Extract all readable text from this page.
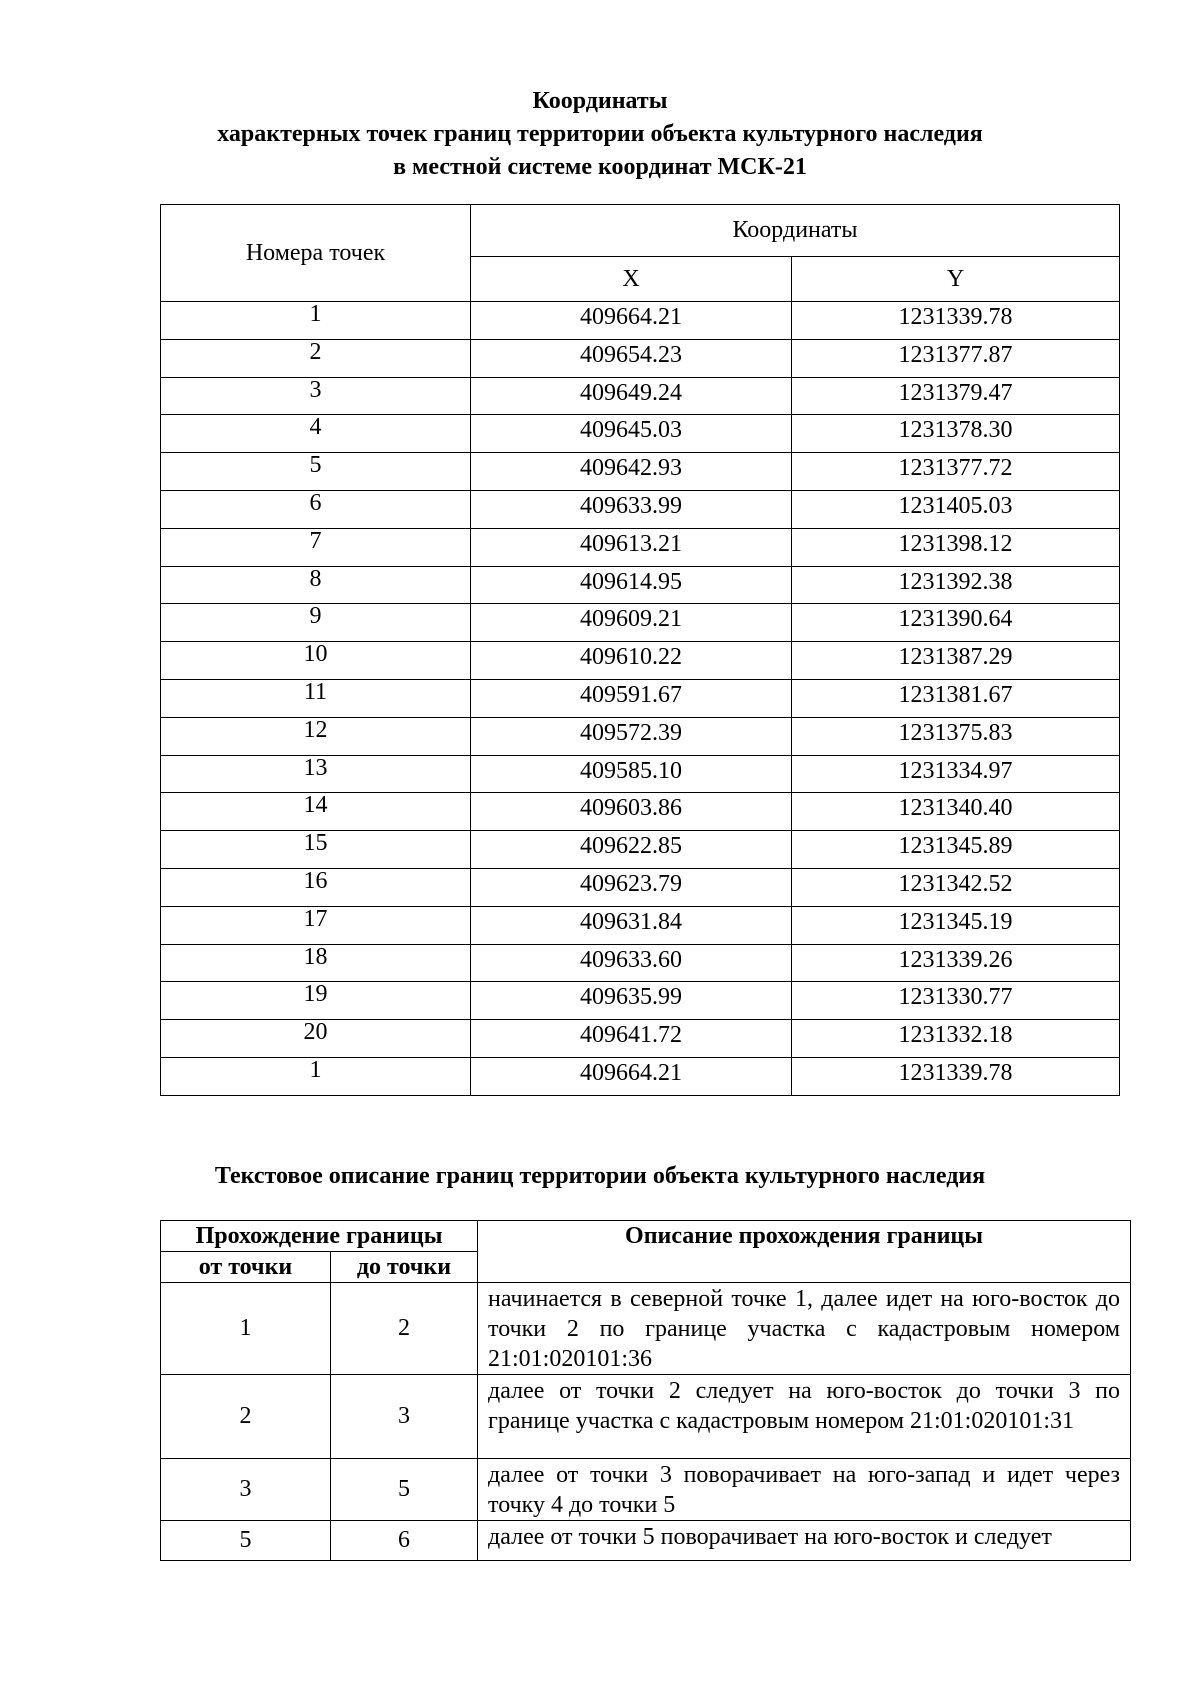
Координаты
характерных точек границ территории объекта культурного наследия
в местной системе координат МСК-21
Номера точек	Координаты	
	X	Y
1	409664.21	1231339.78
2	409654.23	1231377.87
3	409649.24	1231379.47
4	409645.03	1231378.30
5	409642.93	1231377.72
6	409633.99	1231405.03
7	409613.21	1231398.12
8	409614.95	1231392.38
9	409609.21	1231390.64
10	409610.22	1231387.29
11	409591.67	1231381.67
12	409572.39	1231375.83
13	409585.10	1231334.97
14	409603.86	1231340.40
15	409622.85	1231345.89
16	409623.79	1231342.52
17	409631.84	1231345.19
18	409633.60	1231339.26
19	409635.99	1231330.77
20	409641.72	1231332.18
1	409664.21	1231339.78
Текстовое описание границ территории объекта культурного наследия
Прохождение границы		Описание прохождения границы
от точки	до точки	
1	2	начинается в северной точке 1, далее идет на юго-восток до точки 2 по границе участка с кадастровым номером 21:01:020101:36
2	3	далее от точки 2 следует на юго-восток до точки 3 по границе участка с кадастровым номером 21:01:020101:31
3	5	далее от точки 3 поворачивает на юго-запад и идет через точку 4 до точки 5
5	6	далее от точки 5 поворачивает на юго-восток и следует
